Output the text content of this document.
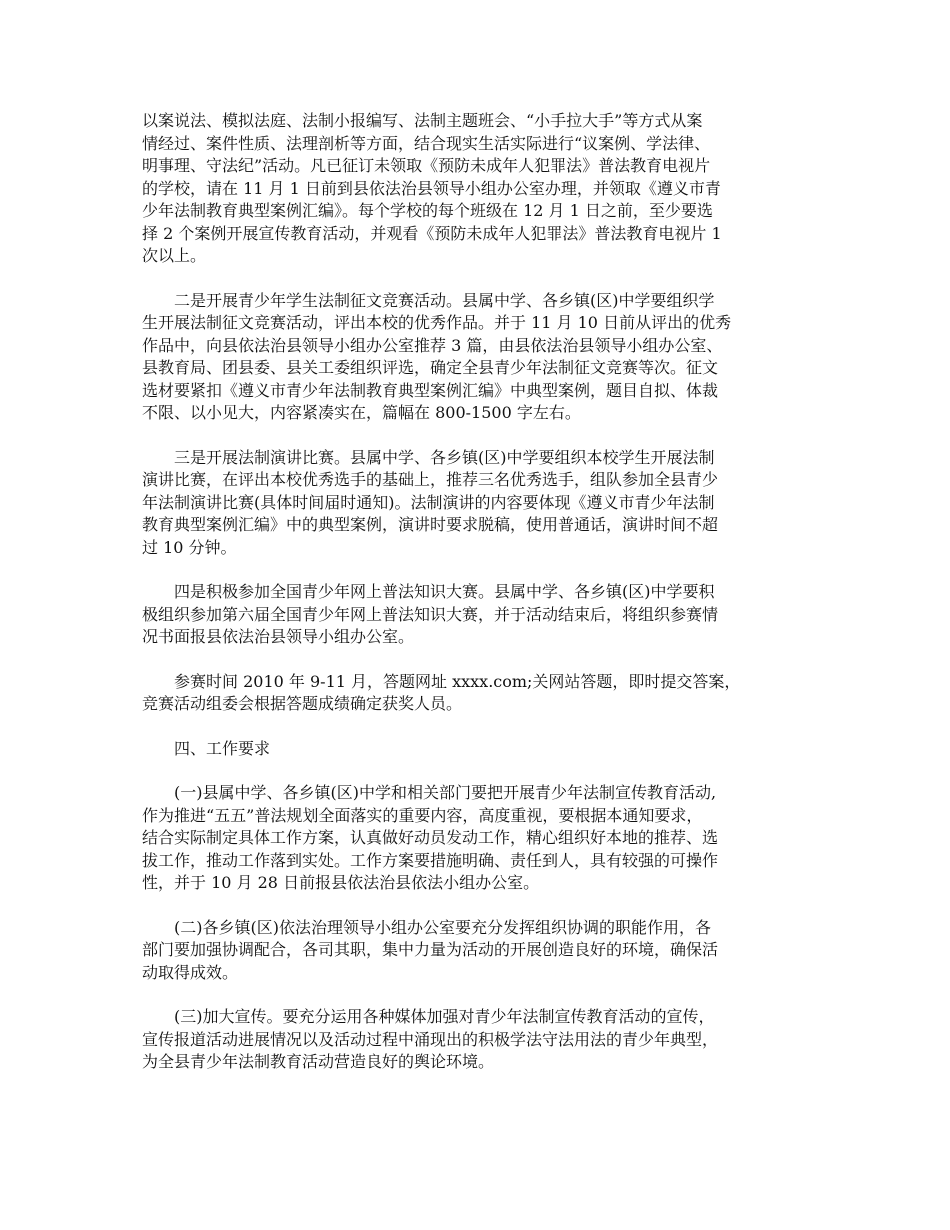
以案说法、模拟法庭、法制小报编写、法制主题班会、“小手拉大手”等方式从案
情经过、案件性质、法理剖析等方面，结合现实生活实际进行“议案例、学法律、
明事理、守法纪”活动。凡已征订未领取《预防未成年人犯罪法》普法教育电视片
的学校，请在 11 月 1 日前到县依法治县领导小组办公室办理，并领取《遵义市青
少年法制教育典型案例汇编》。每个学校的每个班级在 12 月 1 日之前，至少要选
择 2 个案例开展宣传教育活动，并观看《预防未成年人犯罪法》普法教育电视片 1
次以上。

二是开展青少年学生法制征文竞赛活动。县属中学、各乡镇(区)中学要组织学
生开展法制征文竞赛活动，评出本校的优秀作品。并于 11 月 10 日前从评出的优秀
作品中，向县依法治县领导小组办公室推荐 3 篇，由县依法治县领导小组办公室、
县教育局、团县委、县关工委组织评选，确定全县青少年法制征文竞赛等次。征文
选材要紧扣《遵义市青少年法制教育典型案例汇编》中典型案例，题目自拟、体裁
不限、以小见大，内容紧凑实在，篇幅在 800-1500 字左右。

三是开展法制演讲比赛。县属中学、各乡镇(区)中学要组织本校学生开展法制
演讲比赛，在评出本校优秀选手的基础上，推荐三名优秀选手，组队参加全县青少
年法制演讲比赛(具体时间届时通知)。法制演讲的内容要体现《遵义市青少年法制
教育典型案例汇编》中的典型案例，演讲时要求脱稿，使用普通话，演讲时间不超
过 10 分钟。

四是积极参加全国青少年网上普法知识大赛。县属中学、各乡镇(区)中学要积
极组织参加第六届全国青少年网上普法知识大赛，并于活动结束后，将组织参赛情
况书面报县依法治县领导小组办公室。

参赛时间 2010 年 9-11 月，答题网址 xxxx.com;关网站答题，即时提交答案，
竞赛活动组委会根据答题成绩确定获奖人员。

四、工作要求

(一)县属中学、各乡镇(区)中学和相关部门要把开展青少年法制宣传教育活动,
作为推进“五五”普法规划全面落实的重要内容，高度重视，要根据本通知要求，
结合实际制定具体工作方案，认真做好动员发动工作，精心组织好本地的推荐、选
拔工作，推动工作落到实处。工作方案要措施明确、责任到人，具有较强的可操作
性，并于 10 月 28 日前报县依法治县依法小组办公室。

(二)各乡镇(区)依法治理领导小组办公室要充分发挥组织协调的职能作用，各
部门要加强协调配合，各司其职，集中力量为活动的开展创造良好的环境，确保活
动取得成效。

(三)加大宣传。要充分运用各种媒体加强对青少年法制宣传教育活动的宣传，
宣传报道活动进展情况以及活动过程中涌现出的积极学法守法用法的青少年典型，
为全县青少年法制教育活动营造良好的舆论环境。
